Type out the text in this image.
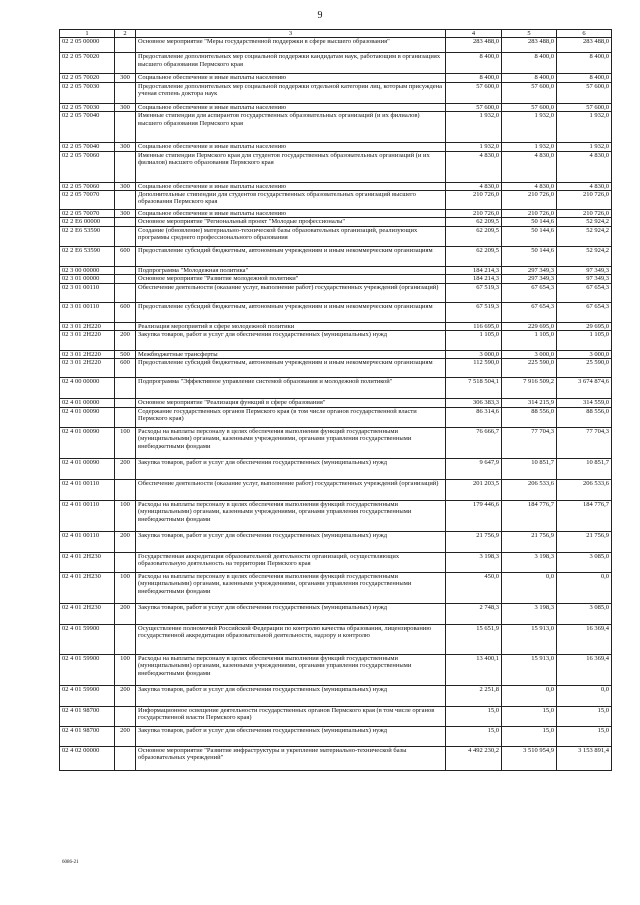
9
1	2	3	4	5	6
02 2 05 00000		Основное мероприятие "Меры государственной поддержки в сфере высшего образования"	283 488,0	283 488,0	283 488,0
02 2 05 70020		Предоставление дополнительных мер социальной поддержки кандидатам наук, работающим в организациях высшего образования Пермского края	8 400,0	8 400,0	8 400,0
02 2 05 70020	300	Социальное обеспечение и иные выплаты населению	8 400,0	8 400,0	8 400,0
02 2 05 70030		Предоставление дополнительных мер социальной поддержки отдельной категории лиц, которым присуждена ученая степень доктора наук	57 600,0	57 600,0	57 600,0
02 2 05 70030	300	Социальное обеспечение и иные выплаты населению	57 600,0	57 600,0	57 600,0
02 2 05 70040		Именные стипендии для аспирантов государственных образовательных организаций (и их филиалов) высшего образования Пермского края	1 932,0	1 932,0	1 932,0
02 2 05 70040	300	Социальное обеспечение и иные выплаты населению	1 932,0	1 932,0	1 932,0
02 2 05 70060		Именные стипендии Пермского края для студентов государственных образовательных организаций (и их филиалов) высшего образования Пермского края	4 830,0	4 830,0	4 830,0
02 2 05 70060	300	Социальное обеспечение и иные выплаты населению	4 830,0	4 830,0	4 830,0
02 2 05 70070		Дополнительные стипендии для студентов государственных образовательных организаций высшего образования Пермского края	210 726,0	210 726,0	210 726,0
02 2 05 70070	300	Социальное обеспечение и иные выплаты населению	210 726,0	210 726,0	210 726,0
02 2 E6 00000		Основное мероприятие "Региональный проект "Молодые профессионалы"	62 209,5	50 144,6	52 924,2
02 2 E6 53590		Создание (обновление) материально-технической базы образовательных организаций, реализующих программы среднего профессионального образования	62 209,5	50 144,6	52 924,2
02 2 E6 53590	600	Предоставление субсидий бюджетным, автономным учреждениям и иным некоммерческим организациям	62 209,5	50 144,6	52 924,2
02 3 00 00000		Подпрограмма "Молодежная политика"	184 214,3	297 349,3	97 349,3
02 3 01 00000		Основное мероприятие "Развитие молодежной политики"	184 214,3	297 349,3	97 349,3
02 3 01 00110		Обеспечение деятельности (оказание услуг, выполнение работ) государственных учреждений (организаций)	67 519,3	67 654,3	67 654,3
02 3 01 00110	600	Предоставление субсидий бюджетным, автономным учреждениям и иным некоммерческим организациям	67 519,3	67 654,3	67 654,3
02 3 01 2H220		Реализация мероприятий в сфере молодежной политики	116 695,0	229 695,0	29 695,0
02 3 01 2H220	200	Закупка товаров, работ и услуг для обеспечения государственных (муниципальных) нужд	1 105,0	1 105,0	1 105,0
02 3 01 2H220	500	Межбюджетные трансферты	3 000,0	3 000,0	3 000,0
02 3 01 2H220	600	Предоставление субсидий бюджетным, автономным учреждениям и иным некоммерческим организациям	112 590,0	225 590,0	25 590,0
02 4 00 00000		Подпрограмма "Эффективное управление системой образования и молодежной политикой"	7 518 504,1	7 916 509,2	3 674 874,6
02 4 01 00000		Основное мероприятие "Реализация функций в сфере образования"	306 383,3	314 215,9	314 559,0
02 4 01 00090		Содержание государственных органов Пермского края (в том числе органов государственной власти Пермского края)	86 314,6	88 556,0	88 556,0
02 4 01 00090	100	Расходы на выплаты персоналу в целях обеспечения выполнения функций государственными (муниципальными) органами, казенными учреждениями, органами управления государственными внебюджетными фондами	76 666,7	77 704,3	77 704,3
02 4 01 00090	200	Закупка товаров, работ и услуг для обеспечения государственных (муниципальных) нужд	9 647,9	10 851,7	10 851,7
02 4 01 00110		Обеспечение деятельности (оказание услуг, выполнение работ) государственных учреждений (организаций)	201 203,5	206 533,6	206 533,6
02 4 01 00110	100	Расходы на выплаты персоналу в целях обеспечения выполнения функций государственными (муниципальными) органами, казенными учреждениями, органами управления государственными внебюджетными фондами	179 446,6	184 776,7	184 776,7
02 4 01 00110	200	Закупка товаров, работ и услуг для обеспечения государственных (муниципальных) нужд	21 756,9	21 756,9	21 756,9
02 4 01 2H230		Государственная аккредитация образовательной деятельности организаций, осуществляющих образовательную деятельность на территории Пермского края	3 198,3	3 198,3	3 085,0
02 4 01 2H230	100	Расходы на выплаты персоналу в целях обеспечения выполнения функций государственными (муниципальными) органами, казенными учреждениями, органами управления государственными внебюджетными фондами	450,0	0,0	0,0
02 4 01 2H230	200	Закупка товаров, работ и услуг для обеспечения государственных (муниципальных) нужд	2 748,3	3 198,3	3 085,0
02 4 01 59900		Осуществление полномочий Российской Федерации по контролю качества образования, лицензированию государственной аккредитации образовательной деятельности, надзору и контролю	15 651,9	15 913,0	16 369,4
02 4 01 59900	100	Расходы на выплаты персоналу в целях обеспечения выполнения функций государственными (муниципальными) органами, казенными учреждениями, органами управления государственными внебюджетными фондами	13 400,1	15 913,0	16 369,4
02 4 01 59900	200	Закупка товаров, работ и услуг для обеспечения государственных (муниципальных) нужд	2 251,8	0,0	0,0
02 4 01 98700		Информационное освещение деятельности государственных органов Пермского края (в том числе органов государственной власти Пермского края)	15,0	15,0	15,0
02 4 01 98700	200	Закупка товаров, работ и услуг для обеспечения государственных (муниципальных) нужд	15,0	15,0	15,0
02 4 02 00000		Основное мероприятие "Развитие инфраструктуры и укрепление материально-технической базы образовательных учреждений"	4 492 230,2	3 510 954,9	3 153 891,4
6086-21
